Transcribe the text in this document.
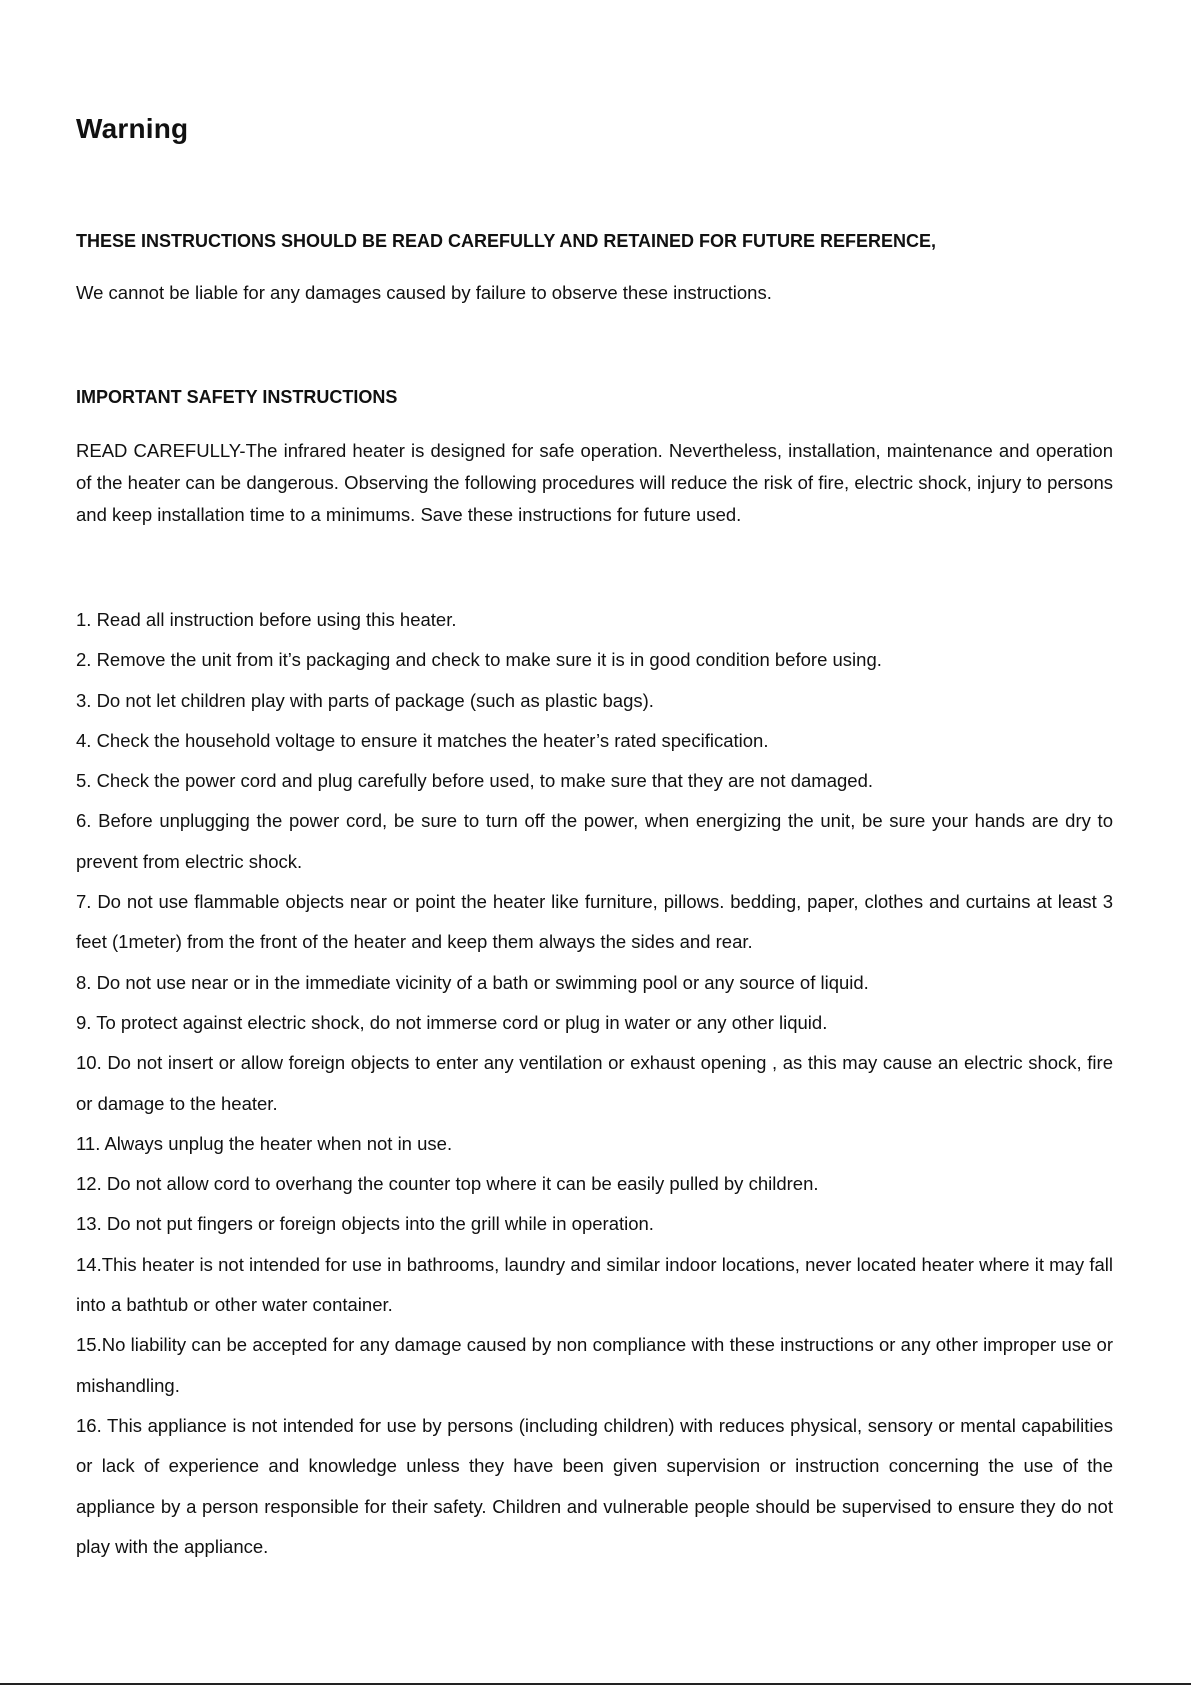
Warning

THESE INSTRUCTIONS SHOULD BE READ CAREFULLY AND RETAINED FOR FUTURE REFERENCE,

We cannot be liable for any damages caused by failure to observe these instructions.

IMPORTANT SAFETY INSTRUCTIONS

READ CAREFULLY-The infrared heater is designed for safe operation. Nevertheless, installation, maintenance and operation of the heater can be dangerous. Observing the following procedures will reduce the risk of fire, electric shock, injury to persons and keep installation time to a minimums. Save these instructions for future used.

1. Read all instruction before using this heater.
2. Remove the unit from it’s packaging and check to make sure it is in good condition before using.
3. Do not let children play with parts of package (such as plastic bags).
4. Check the household voltage to ensure it matches the heater’s rated specification.
5. Check the power cord and plug carefully before used, to make sure that they are not damaged.
6. Before unplugging the power cord, be sure to turn off the power, when energizing the unit, be sure your hands are dry to prevent from electric shock.
7. Do not use flammable objects near or point the heater like furniture, pillows. bedding, paper, clothes and curtains at least 3 feet (1meter) from the front of the heater and keep them always the sides and rear.
8. Do not use near or in the immediate vicinity of a bath or swimming pool or any source of liquid.
9. To protect against electric shock, do not immerse cord or plug in water or any other liquid.
10. Do not insert or allow foreign objects to enter any ventilation or exhaust opening , as this may cause an electric shock, fire or damage to the heater.
11. Always unplug the heater when not in use.
12. Do not allow cord to overhang the counter top where it can be easily pulled by children.
13. Do not put fingers or foreign objects into the grill while in operation.
14.This heater is not intended for use in bathrooms, laundry and similar indoor locations, never located heater where it may fall into a bathtub or other water container.
15.No liability can be accepted for any damage caused by non compliance with these instructions or any other improper use or mishandling.
16. This appliance is not intended for use by persons (including children) with reduces physical, sensory or mental capabilities or lack of experience and knowledge unless they have been given supervision or instruction concerning the use of the appliance by a person responsible for their safety. Children and vulnerable people should be supervised to ensure they do not play with the appliance.
